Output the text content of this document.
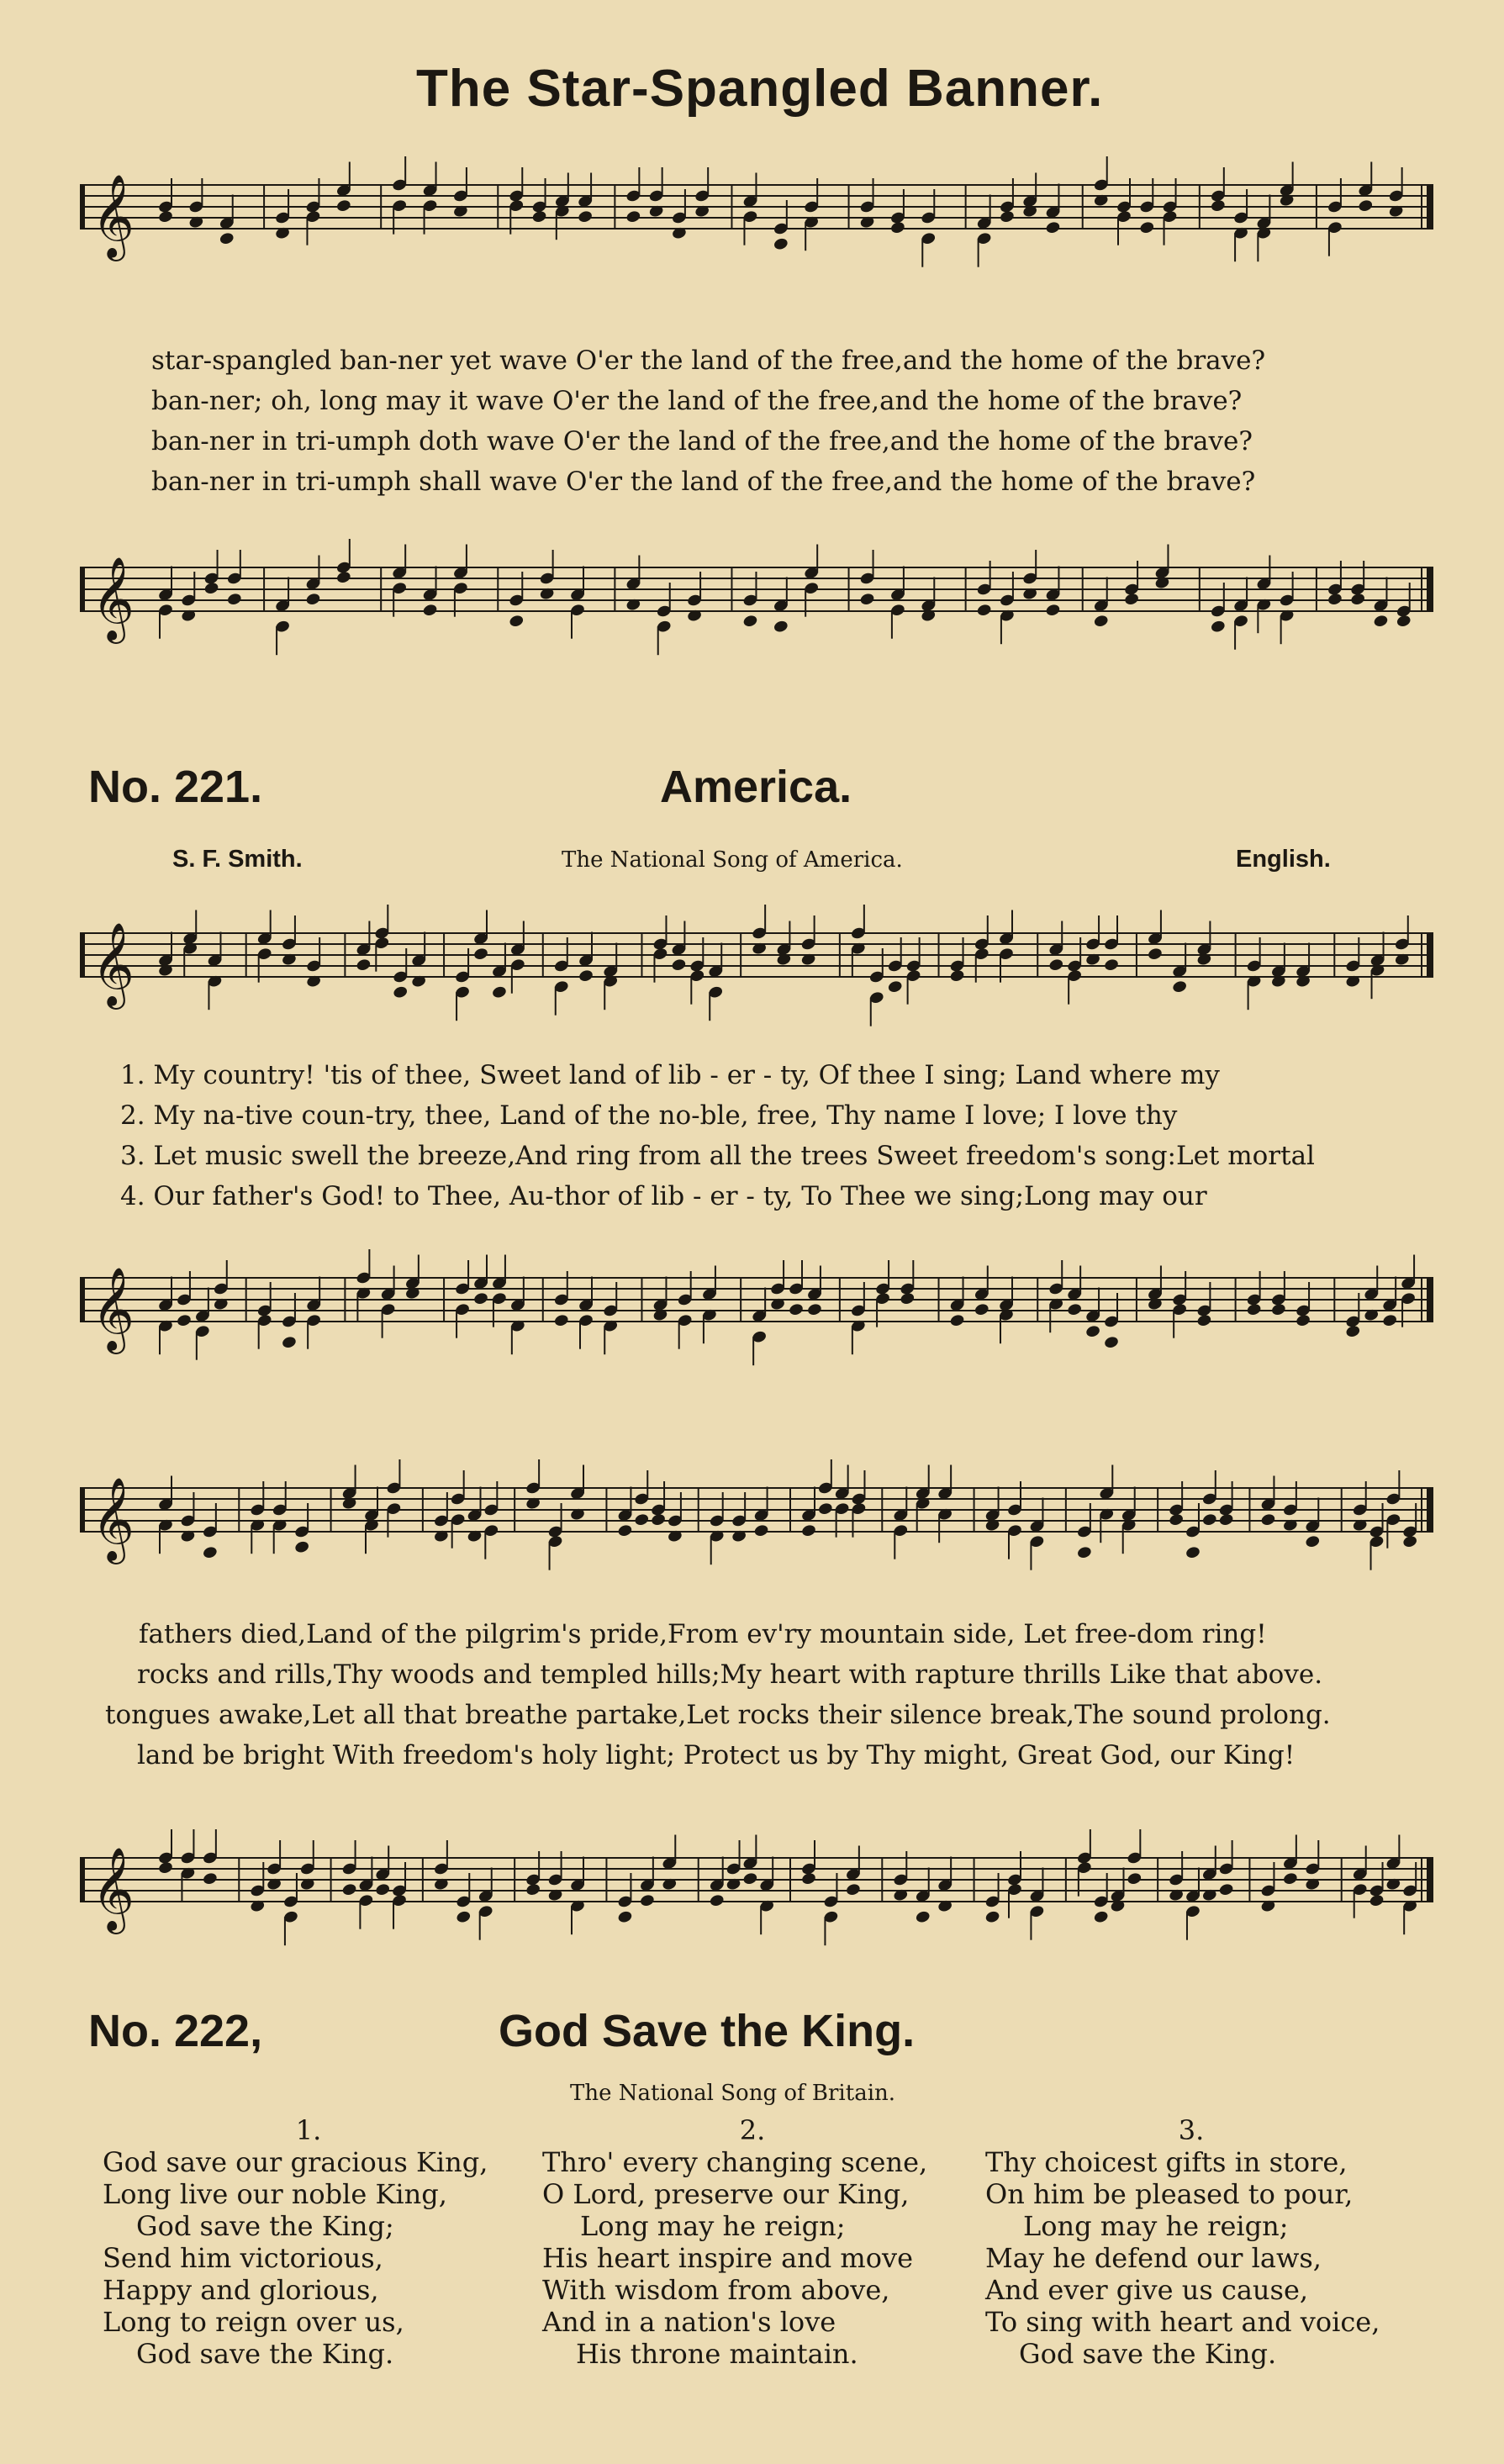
The Star-Spangled Banner.
𝄞
star-spangled ban-ner yet wave O'er the land of the free,and the home of the brave?
ban-ner; oh, long may it wave O'er the land of the free,and the home of the brave?
ban-ner in tri-umph doth wave O'er the land of the free,and the home of the brave?
ban-ner in tri-umph shall wave O'er the land of the free,and the home of the brave?
𝄞
No. 221.	America.
S. F. Smith.	The National Song of America.	English.
𝄞
1. My country! 'tis of thee, Sweet land of lib - er - ty, Of thee I sing; Land where my
2. My na-tive coun-try, thee, Land of the no-ble, free, Thy name I love; I love thy
3. Let music swell the breeze,And ring from all the trees Sweet freedom's song:Let mortal
4. Our father's God! to Thee, Au-thor of lib - er - ty, To Thee we sing;Long may our
𝄞
𝄞
fathers died,Land of the pilgrim's pride,From ev'ry mountain side, Let free-dom ring!
rocks and rills,Thy woods and templed hills;My heart with rapture thrills Like that above.
tongues awake,Let all that breathe partake,Let rocks their silence break,The sound prolong.
land be bright With freedom's holy light; Protect us by Thy might, Great God, our King!
𝄞
No. 222,	God Save the King.
The National Song of Britain.
1.
God save our gracious King,
Long live our noble King,
God save the King;
Send him victorious,
Happy and glorious,
Long to reign over us,
God save the King.
2.
Thro' every changing scene,
O Lord, preserve our King,
Long may he reign;
His heart inspire and move
With wisdom from above,
And in a nation's love
His throne maintain.
3.
Thy choicest gifts in store,
On him be pleased to pour,
Long may he reign;
May he defend our laws,
And ever give us cause,
To sing with heart and voice,
God save the King.
